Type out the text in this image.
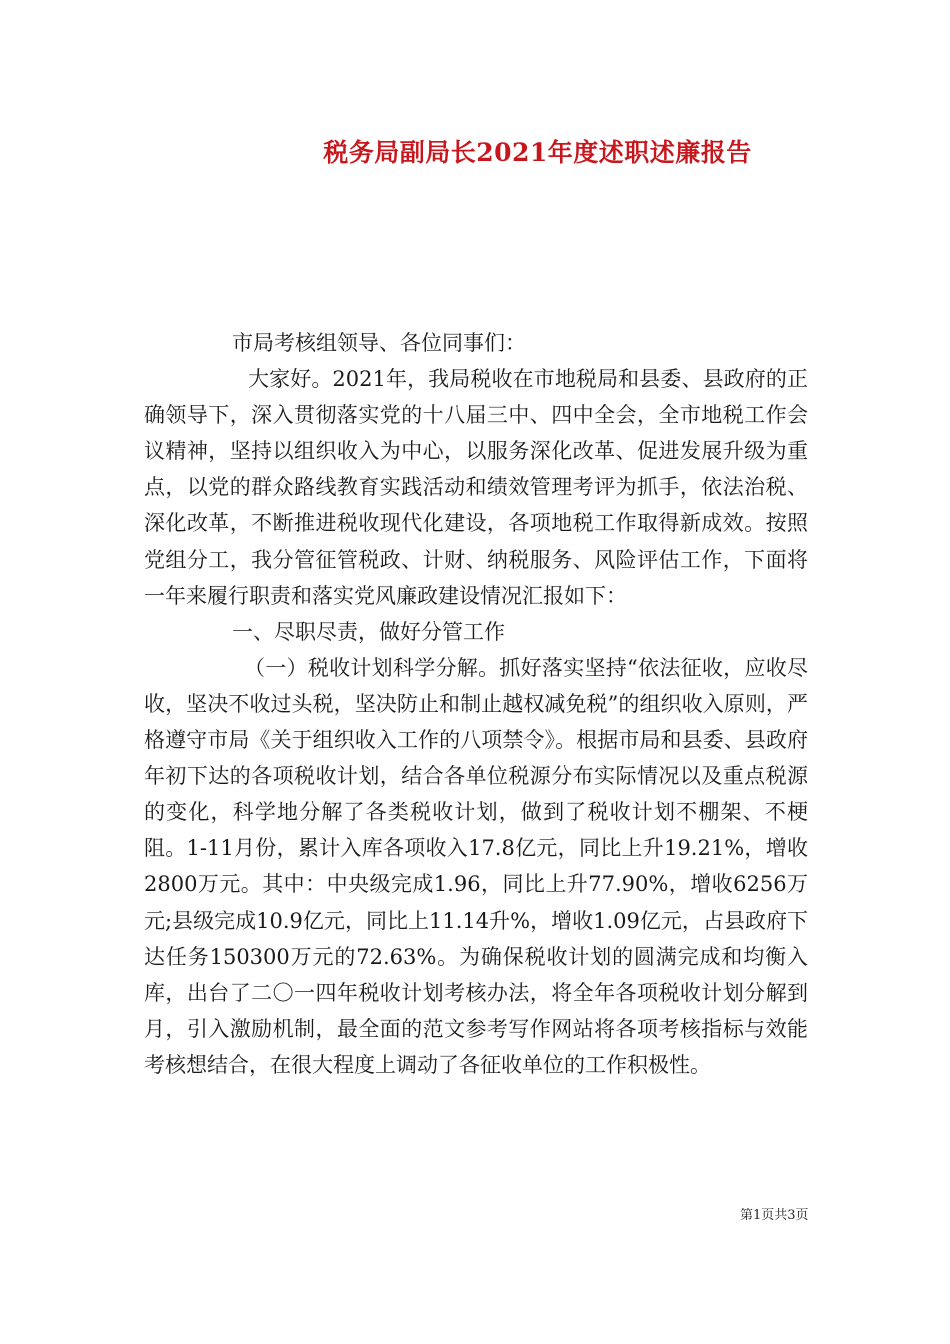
税务局副局长2021年度述职述廉报告

市局考核组领导、各位同事们：

大家好。2021年，我局税收在市地税局和县委、县政府的正确领导下，深入贯彻落实党的十八届三中、四中全会，全市地税工作会议精神，坚持以组织收入为中心，以服务深化改革、促进发展升级为重点，以党的群众路线教育实践活动和绩效管理考评为抓手，依法治税、深化改革，不断推进税收现代化建设，各项地税工作取得新成效。按照党组分工，我分管征管税政、计财、纳税服务、风险评估工作，下面将一年来履行职责和落实党风廉政建设情况汇报如下：

一、尽职尽责，做好分管工作

（一）税收计划科学分解。抓好落实坚持“依法征收，应收尽收，坚决不收过头税，坚决防止和制止越权减免税”的组织收入原则，严格遵守市局《关于组织收入工作的八项禁令》。根据市局和县委、县政府年初下达的各项税收计划，结合各单位税源分布实际情况以及重点税源的变化，科学地分解了各类税收计划，做到了税收计划不棚架、不梗阻。1-11月份，累计入库各项收入17.8亿元，同比上升19.21%，增收2800万元。其中：中央级完成1.96，同比上升77.90%，增收6256万元;县级完成10.9亿元，同比上11.14升%，增收1.09亿元，占县政府下达任务150300万元的72.63%。为确保税收计划的圆满完成和均衡入库，出台了二〇一四年税收计划考核办法，将全年各项税收计划分解到月，引入激励机制，最全面的范文参考写作网站将各项考核指标与效能考核想结合，在很大程度上调动了各征收单位的工作积极性。

第1页共3页
